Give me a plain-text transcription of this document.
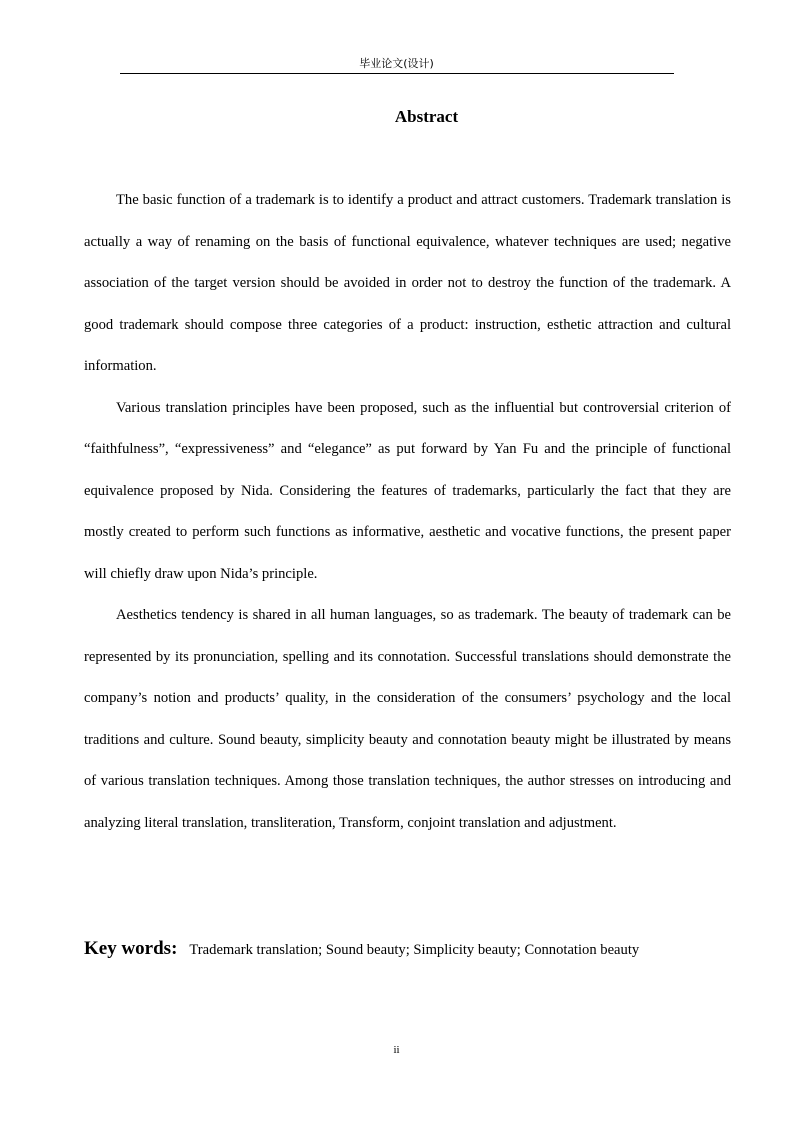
毕业论文(设计)
Abstract

The basic function of a trademark is to identify a product and attract customers. Trademark translation is actually a way of renaming on the basis of functional equivalence, whatever techniques are used; negative association of the target version should be avoided in order not to destroy the function of the trademark. A good trademark should compose three categories of a product: instruction, esthetic attraction and cultural information.

Various translation principles have been proposed, such as the influential but controversial criterion of “faithfulness”, “expressiveness” and “elegance” as put forward by Yan Fu and the principle of functional equivalence proposed by Nida. Considering the features of trademarks, particularly the fact that they are mostly created to perform such functions as informative, aesthetic and vocative functions, the present paper will chiefly draw upon Nida’s principle.

Aesthetics tendency is shared in all human languages, so as trademark. The beauty of trademark can be represented by its pronunciation, spelling and its connotation. Successful translations should demonstrate the company’s notion and products’ quality, in the consideration of the consumers’ psychology and the local traditions and culture. Sound beauty, simplicity beauty and connotation beauty might be illustrated by means of various translation techniques. Among those translation techniques, the author stresses on introducing and analyzing literal translation, transliteration, Transform, conjoint translation and adjustment.

Key words: Trademark translation; Sound beauty; Simplicity beauty; Connotation beauty
ii
